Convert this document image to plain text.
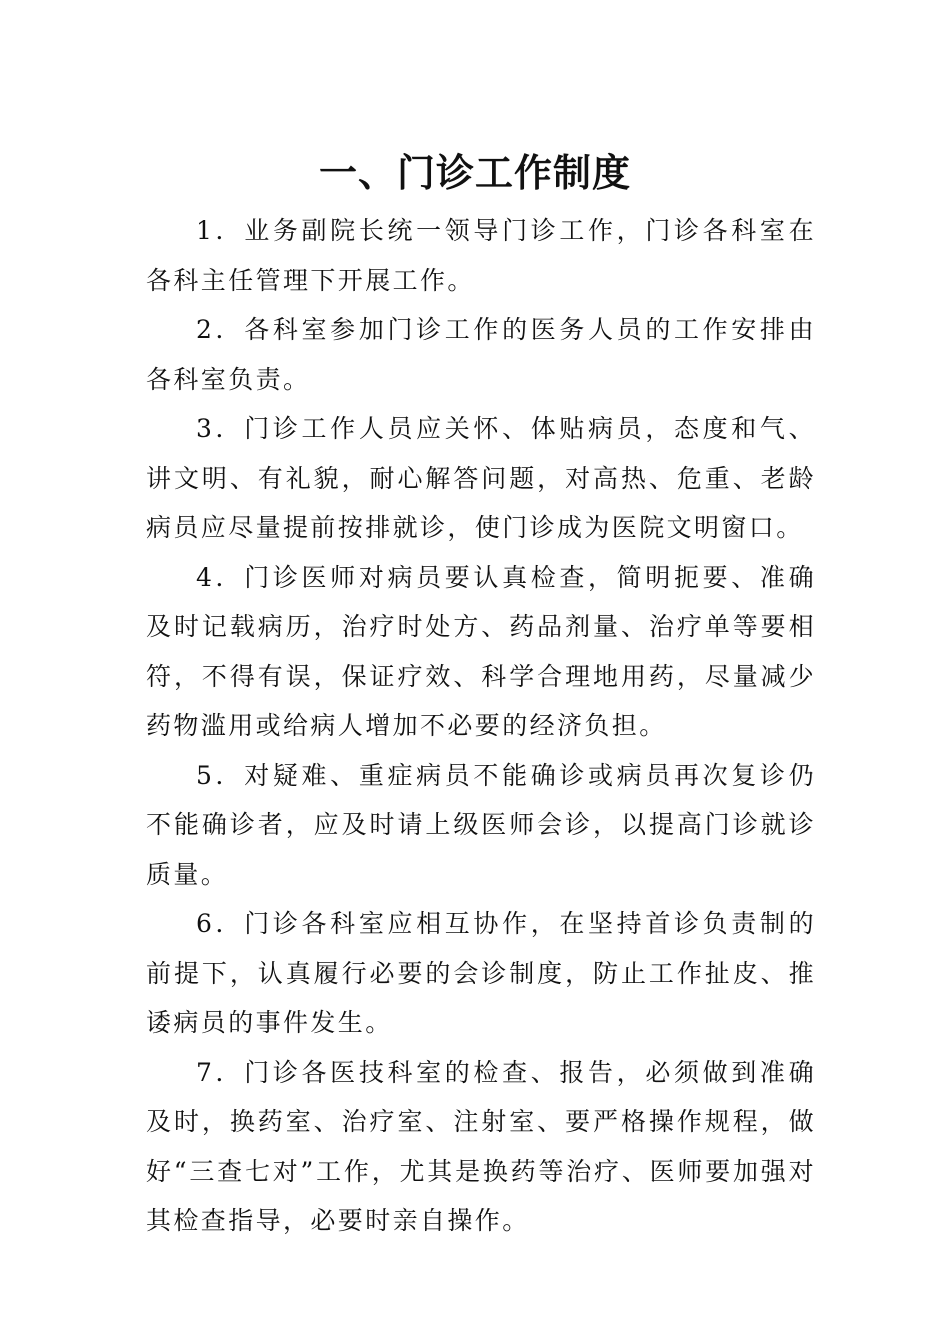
一、门诊工作制度

1．业务副院长统一领导门诊工作，门诊各科室在各科主任管理下开展工作。

2．各科室参加门诊工作的医务人员的工作安排由各科室负责。

3．门诊工作人员应关怀、体贴病员，态度和气、讲文明、有礼貌，耐心解答问题，对高热、危重、老龄病员应尽量提前按排就诊，使门诊成为医院文明窗口。

4．门诊医师对病员要认真检查，简明扼要、准确及时记载病历，治疗时处方、药品剂量、治疗单等要相符，不得有误，保证疗效、科学合理地用药，尽量减少药物滥用或给病人增加不必要的经济负担。

5．对疑难、重症病员不能确诊或病员再次复诊仍不能确诊者，应及时请上级医师会诊，以提高门诊就诊质量。

6．门诊各科室应相互协作，在坚持首诊负责制的前提下，认真履行必要的会诊制度，防止工作扯皮、推诿病员的事件发生。

7．门诊各医技科室的检查、报告，必须做到准确及时，换药室、治疗室、注射室、要严格操作规程，做好“三查七对”工作，尤其是换药等治疗、医师要加强对其检查指导，必要时亲自操作。
